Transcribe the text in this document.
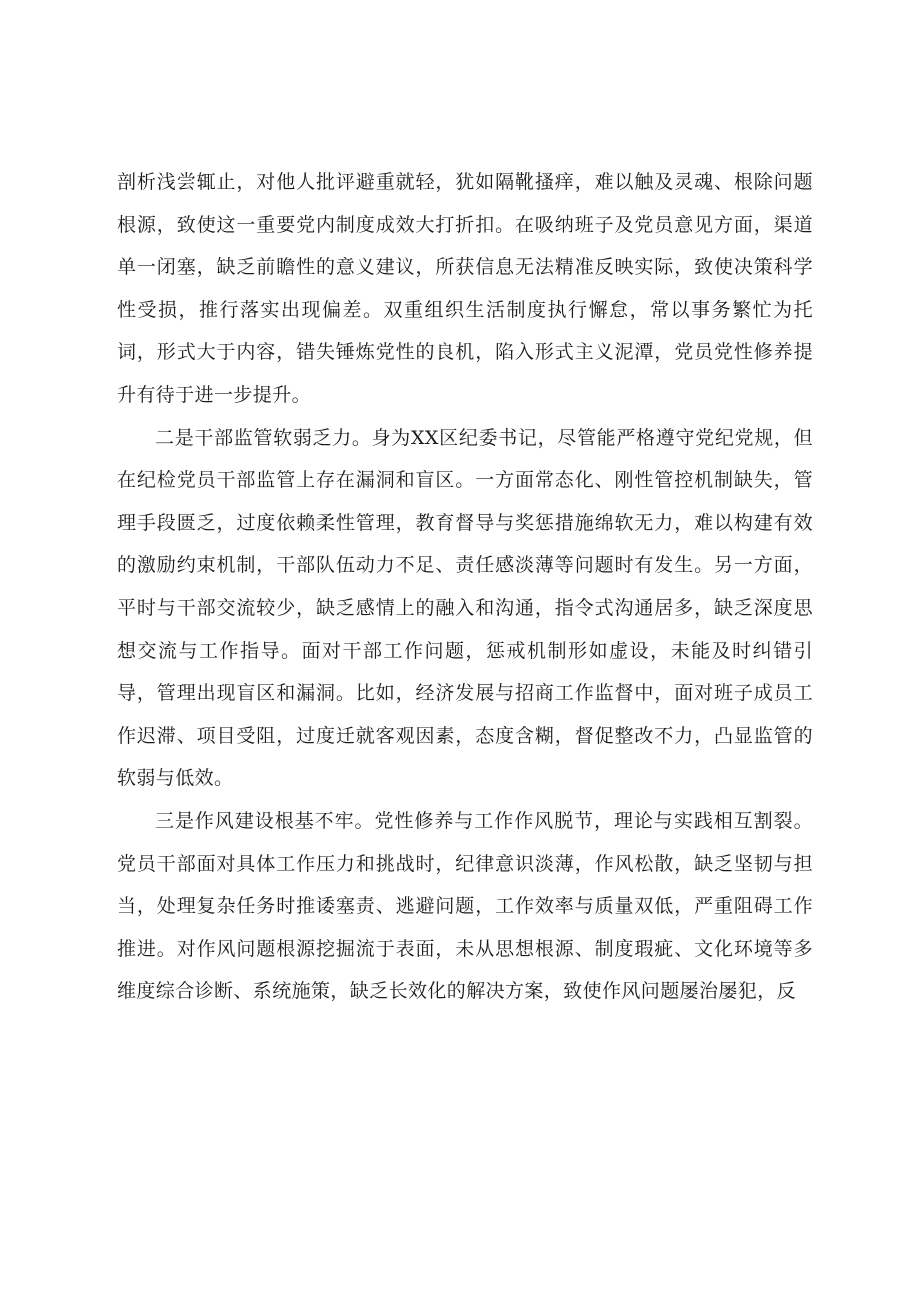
剖析浅尝辄止，对他人批评避重就轻，犹如隔靴搔痒，难以触及灵魂、根除问题根源，致使这一重要党内制度成效大打折扣。在吸纳班子及党员意见方面，渠道单一闭塞，缺乏前瞻性的意义建议，所获信息无法精准反映实际，致使决策科学性受损，推行落实出现偏差。双重组织生活制度执行懈怠，常以事务繁忙为托词，形式大于内容，错失锤炼党性的良机，陷入形式主义泥潭，党员党性修养提升有待于进一步提升。

二是干部监管软弱乏力。身为XX区纪委书记，尽管能严格遵守党纪党规，但在纪检党员干部监管上存在漏洞和盲区。一方面常态化、刚性管控机制缺失，管理手段匮乏，过度依赖柔性管理，教育督导与奖惩措施绵软无力，难以构建有效的激励约束机制，干部队伍动力不足、责任感淡薄等问题时有发生。另一方面，平时与干部交流较少，缺乏感情上的融入和沟通，指令式沟通居多，缺乏深度思想交流与工作指导。面对干部工作问题，惩戒机制形如虚设，未能及时纠错引导，管理出现盲区和漏洞。比如，经济发展与招商工作监督中，面对班子成员工作迟滞、项目受阻，过度迁就客观因素，态度含糊，督促整改不力，凸显监管的软弱与低效。

三是作风建设根基不牢。党性修养与工作作风脱节，理论与实践相互割裂。党员干部面对具体工作压力和挑战时，纪律意识淡薄，作风松散，缺乏坚韧与担当，处理复杂任务时推诿塞责、逃避问题，工作效率与质量双低，严重阻碍工作推进。对作风问题根源挖掘流于表面，未从思想根源、制度瑕疵、文化环境等多维度综合诊断、系统施策，缺乏长效化的解决方案，致使作风问题屡治屡犯，反
